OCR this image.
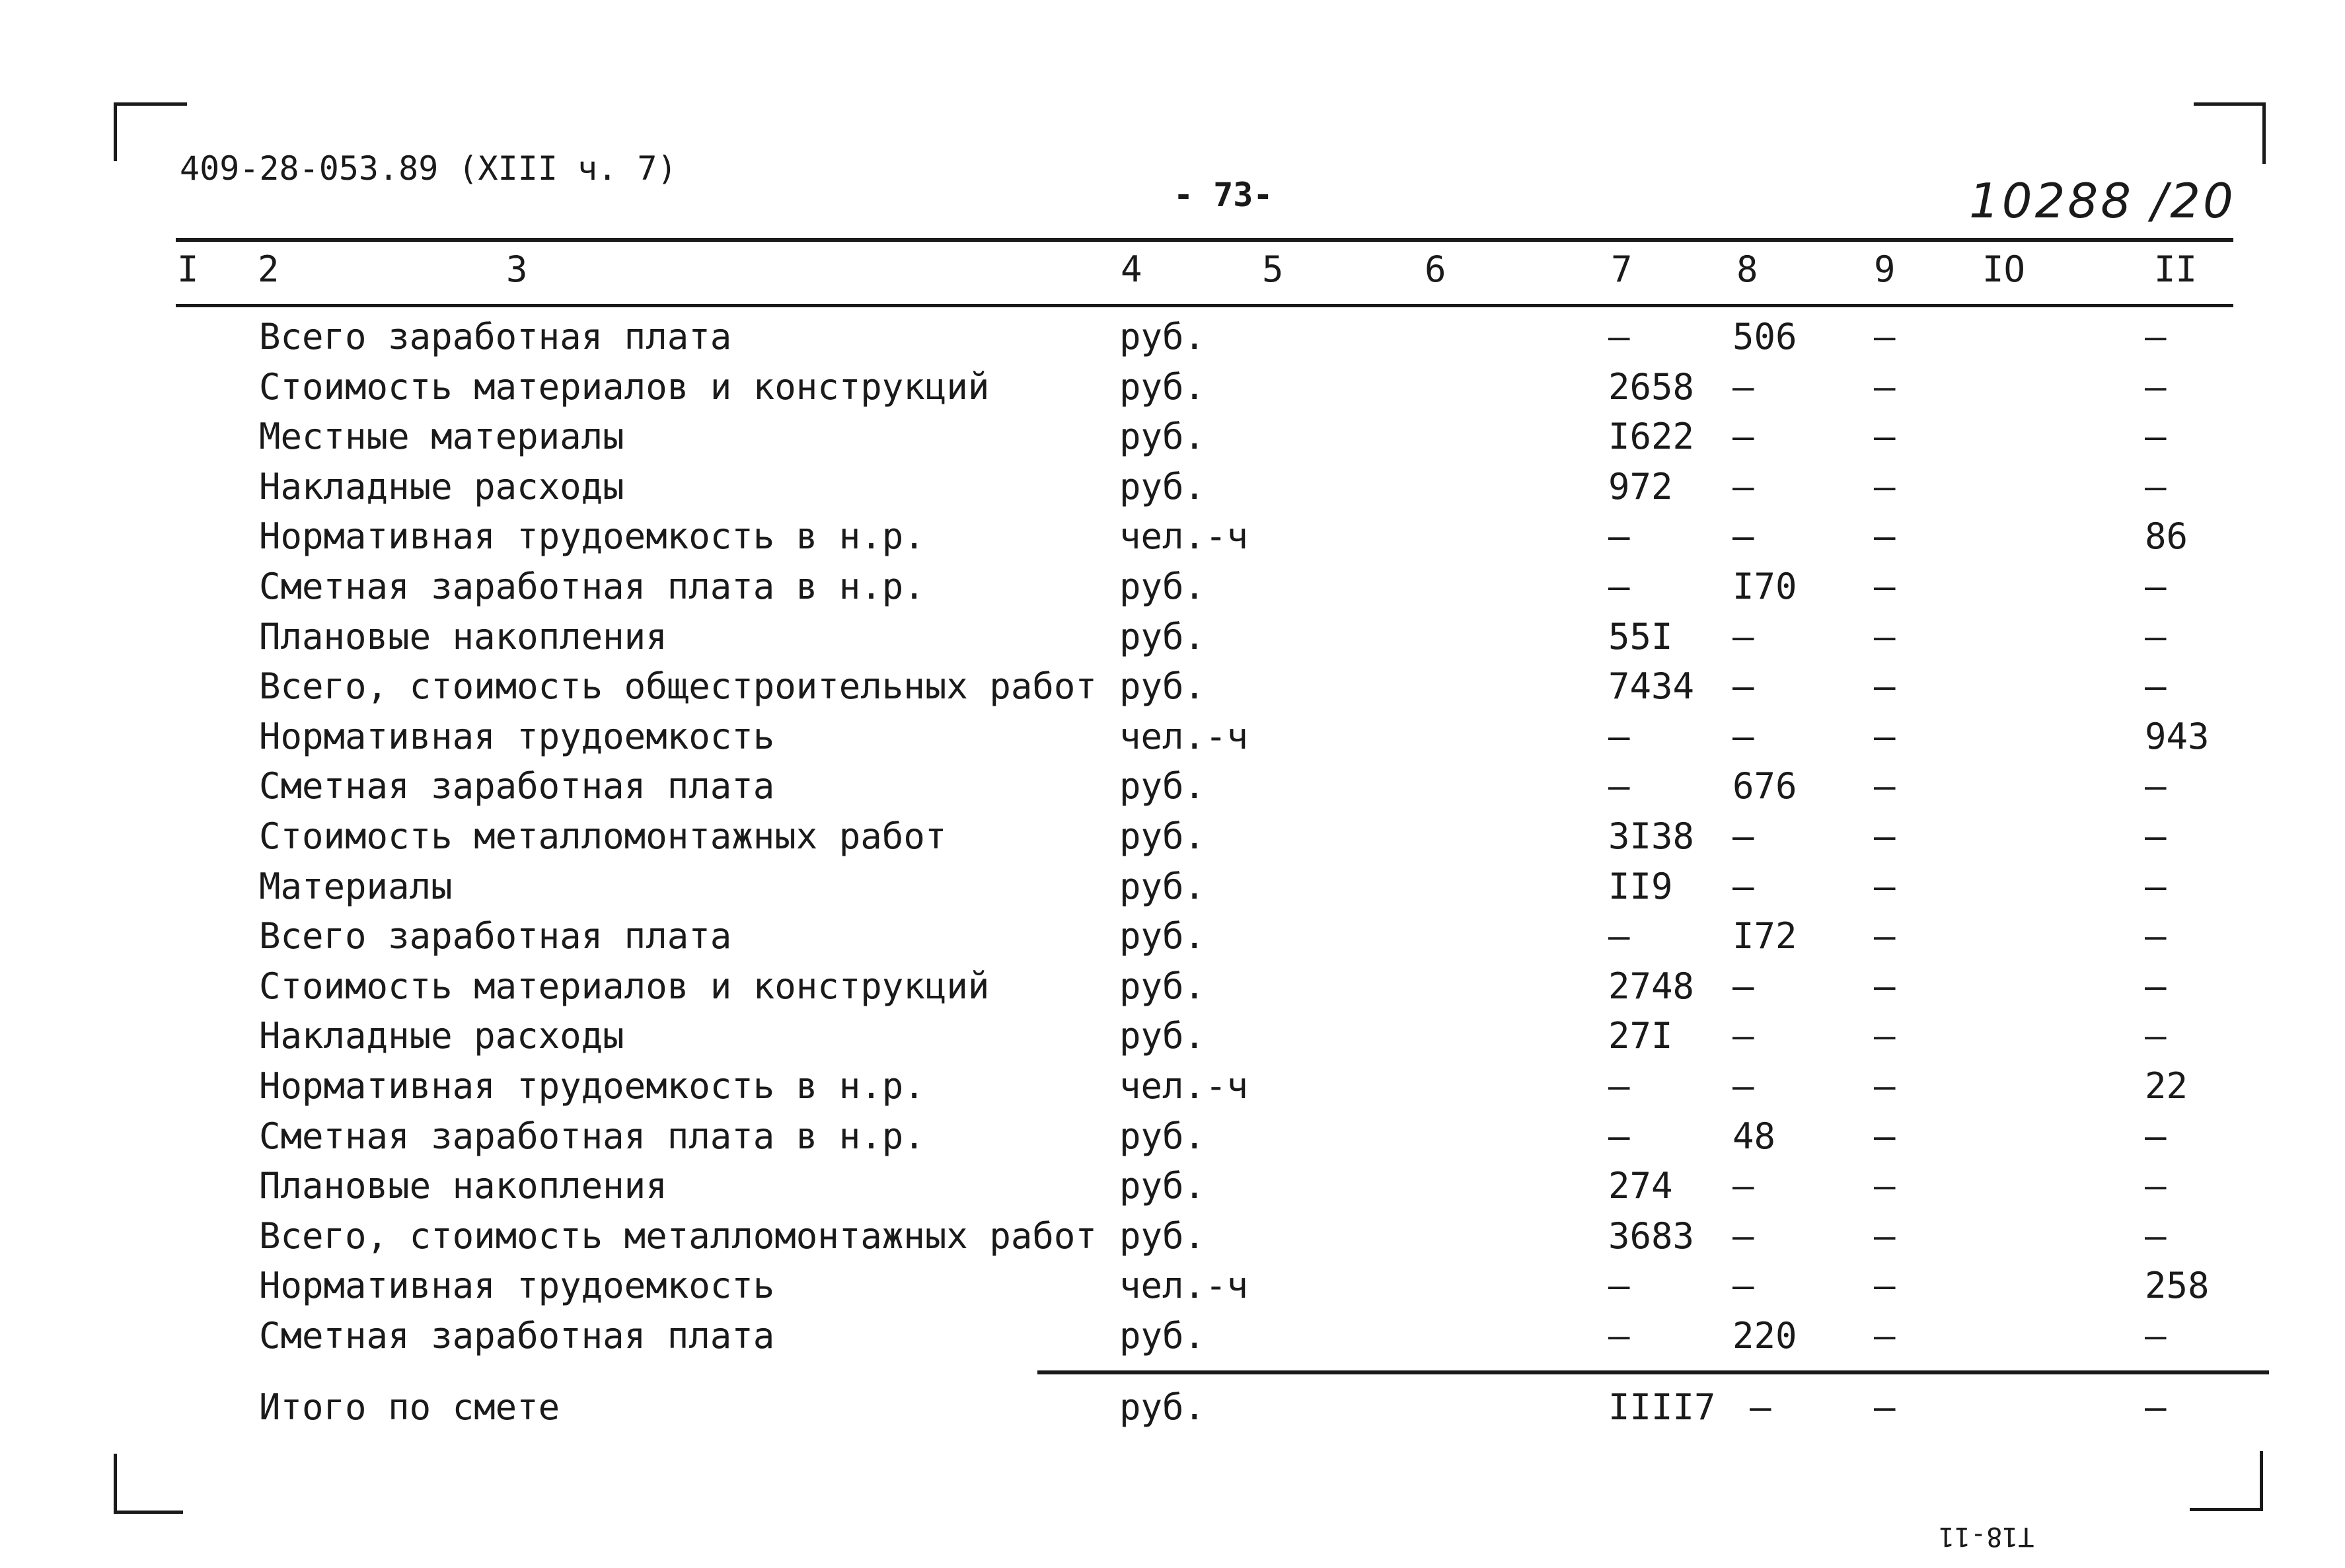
409-28-053.89 (XIII ч. 7)
- 73-	10288 /20
I 2	3	4	5	6	7	8	9 IO	II
Всего заработная плата	руб.	–	506 –	–
Стоимость материалов и конструкций	руб.	2658 –	–	–
Местные материалы	руб.	I622 –	–	–
Накладные расходы	руб.	972 –	–	–
Нормативная трудоемкость в н.р.	чел.-ч	–	–	–	86
Сметная заработная плата в н.р.	руб.	–	I70 –	–
Плановые накопления	руб.	55I –	–	–
Всего, стоимость общестроительных работ руб.	7434 –	–	–
Нормативная трудоемкость	чел.-ч	–	–	–	943
Сметная заработная плата	руб.	–	676 –	–
Стоимость металломонтажных работ	руб.	3I38 –	–	–
Материалы	руб.	II9 –	–	–
Всего заработная плата	руб.	–	I72 –	–
Стоимость материалов и конструкций	руб.	2748 –	–	–
Накладные расходы	руб.	27I –	–	–
Нормативная трудоемкость в н.р.	чел.-ч	–	–	–	22
Сметная заработная плата в н.р.	руб.	–	48	–	–
Плановые накопления	руб.	274 –	–	–
Всего, стоимость металломонтажных работ руб.	3683 –	–	–
Нормативная трудоемкость	чел.-ч	–	–	–	258
Сметная заработная плата	руб.	–	220 –	–
Итого по смете	руб.	IIII7 –	–	–
T18-11
